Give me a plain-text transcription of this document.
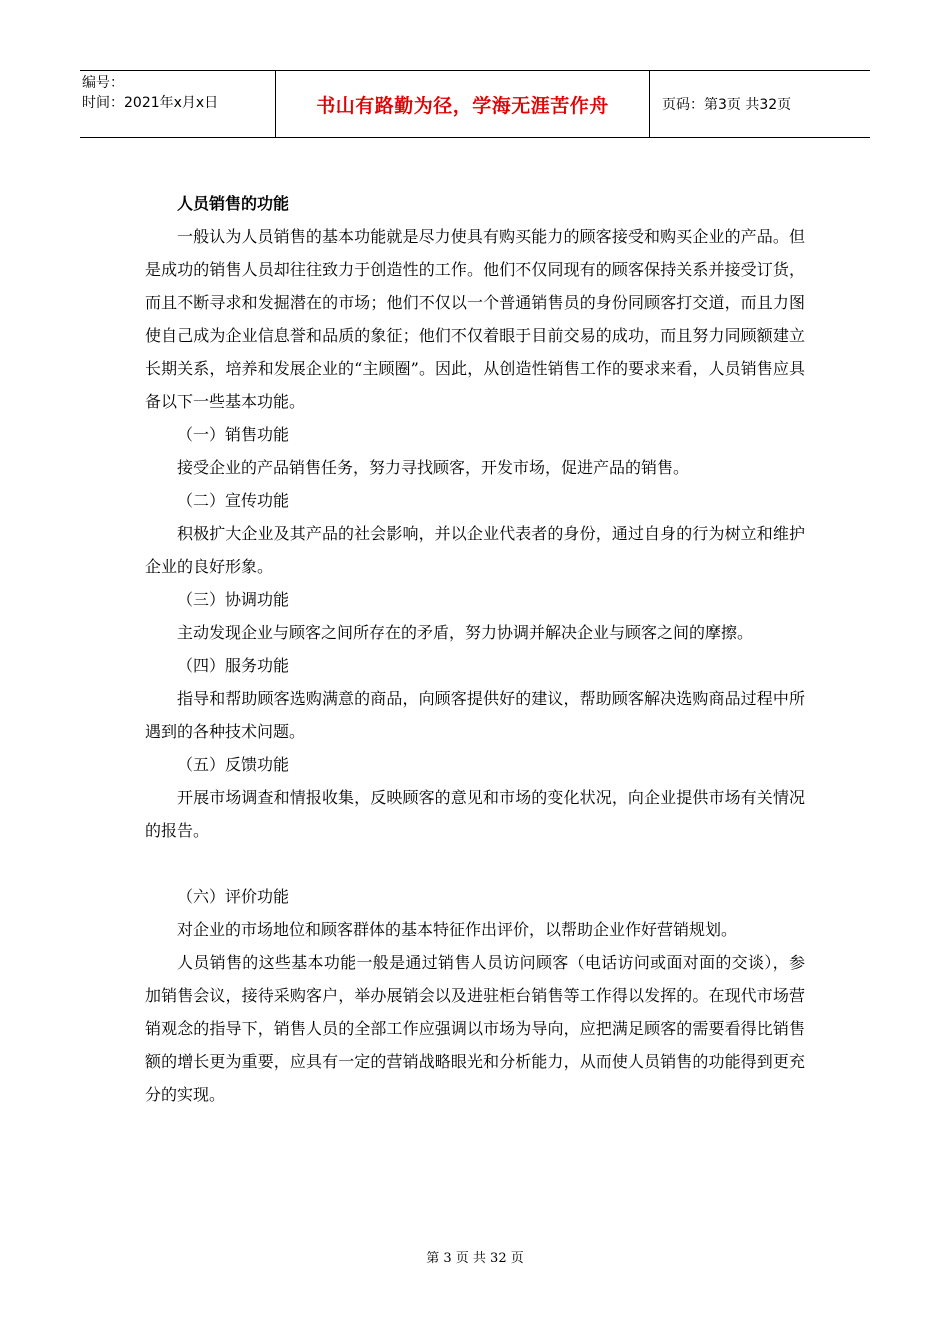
编号：
时间：2021年x月x日	书山有路勤为径，学海无涯苦作舟	页码：第3页 共32页

人员销售的功能

一般认为人员销售的基本功能就是尽力使具有购买能力的顾客接受和购买企业的产品。但是成功的销售人员却往往致力于创造性的工作。他们不仅同现有的顾客保持关系并接受订货，而且不断寻求和发掘潜在的市场；他们不仅以一个普通销售员的身份同顾客打交道，而且力图使自己成为企业信息誉和品质的象征；他们不仅着眼于目前交易的成功，而且努力同顾额建立长期关系，培养和发展企业的“主顾圈”。因此，从创造性销售工作的要求来看，人员销售应具备以下一些基本功能。

（一）销售功能

接受企业的产品销售任务，努力寻找顾客，开发市场，促进产品的销售。

（二）宣传功能

积极扩大企业及其产品的社会影响，并以企业代表者的身份，通过自身的行为树立和维护企业的良好形象。

（三）协调功能

主动发现企业与顾客之间所存在的矛盾，努力协调并解决企业与顾客之间的摩擦。

（四）服务功能

指导和帮助顾客选购满意的商品，向顾客提供好的建议，帮助顾客解决选购商品过程中所遇到的各种技术问题。

（五）反馈功能

开展市场调查和情报收集，反映顾客的意见和市场的变化状况，向企业提供市场有关情况的报告。

（六）评价功能

对企业的市场地位和顾客群体的基本特征作出评价，以帮助企业作好营销规划。

人员销售的这些基本功能一般是通过销售人员访问顾客（电话访问或面对面的交谈），参加销售会议，接待采购客户，举办展销会以及进驻柜台销售等工作得以发挥的。在现代市场营销观念的指导下，销售人员的全部工作应强调以市场为导向，应把满足顾客的需要看得比销售额的增长更为重要，应具有一定的营销战略眼光和分析能力，从而使人员销售的功能得到更充分的实现。

第 3 页 共 32 页
